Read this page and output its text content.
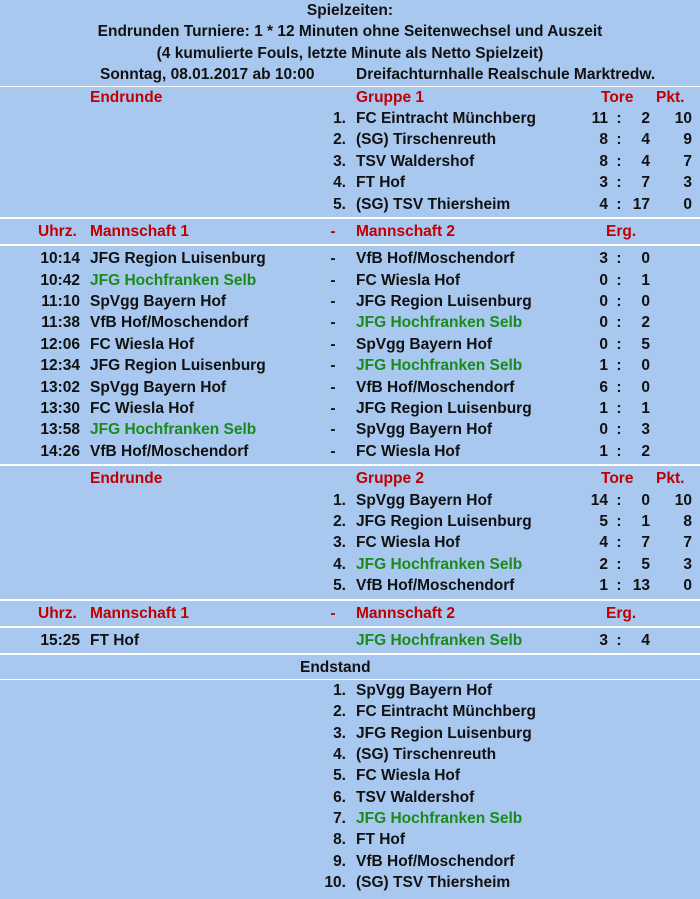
Spielzeiten:
Endrunden Turniere: 1 * 12 Minuten ohne Seitenwechsel und Auszeit
(4 kumulierte Fouls, letzte Minute als Netto Spielzeit)
Sonntag, 08.01.2017 ab 10:00	Dreifachturnhalle Realschule Marktredw.
Endrunde	Gruppe 1	Tore Pkt.
1. FC Eintracht Münchberg	11 :	2	10
2. (SG) Tirschenreuth	8 :	4	9
3. TSV Waldershof	8 :	4	7
4. FT Hof	3 :	7	3
5. (SG) TSV Thiersheim	4 : 17	0
Uhrz. Mannschaft 1	- Mannschaft 2	Erg.
10:14 JFG Region Luisenburg	- VfB Hof/Moschendorf	3 :	0
10:42 JFG Hochfranken Selb	- FC Wiesla Hof	0 :	1
11:10 SpVgg Bayern Hof	- JFG Region Luisenburg	0 :	0
11:38 VfB Hof/Moschendorf	- JFG Hochfranken Selb	0 :	2
12:06 FC Wiesla Hof	- SpVgg Bayern Hof	0 :	5
12:34 JFG Region Luisenburg	- JFG Hochfranken Selb	1 :	0
13:02 SpVgg Bayern Hof	- VfB Hof/Moschendorf	6 :	0
13:30 FC Wiesla Hof	- JFG Region Luisenburg	1 :	1
13:58 JFG Hochfranken Selb	- SpVgg Bayern Hof	0 :	3
14:26 VfB Hof/Moschendorf	- FC Wiesla Hof	1 :	2
Endrunde	Gruppe 2	Tore Pkt.
1. SpVgg Bayern Hof	14 :	0	10
2. JFG Region Luisenburg	5 :	1	8
3. FC Wiesla Hof	4 :	7	7
4. JFG Hochfranken Selb	2 :	5	3
5. VfB Hof/Moschendorf	1 : 13	0
Uhrz. Mannschaft 1	- Mannschaft 2	Erg.
15:25 FT Hof	JFG Hochfranken Selb	3 :	4
Endstand
1. SpVgg Bayern Hof
2. FC Eintracht Münchberg
3. JFG Region Luisenburg
4. (SG) Tirschenreuth
5. FC Wiesla Hof
6. TSV Waldershof
7. JFG Hochfranken Selb
8. FT Hof
9. VfB Hof/Moschendorf
10. (SG) TSV Thiersheim
